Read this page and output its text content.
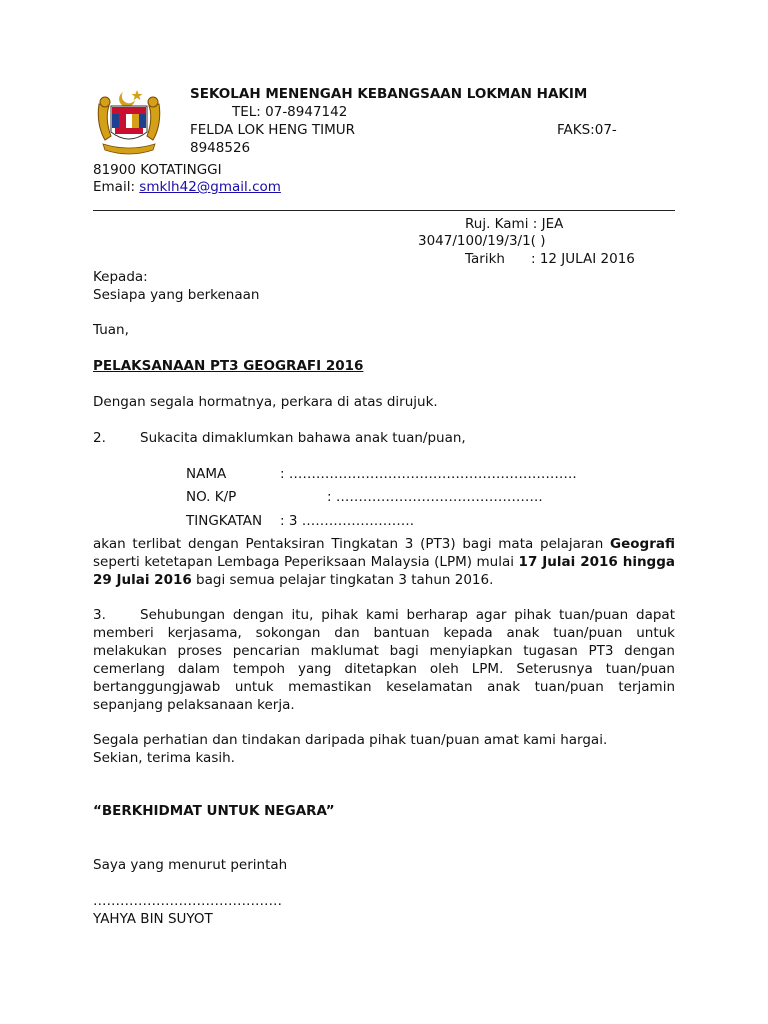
SEKOLAH MENENGAH KEBANGSAAN LOKMAN HAKIM
TEL: 07-8947142
FELDA LOK HENG TIMUR	FAKS:07-
8948526
81900 KOTATINGGI
Email: smklh42@gmail.com
Ruj. Kami : JEA
3047/100/19/3/1( )
Tarikh : 12 JULAI 2016
Kepada:
Sesiapa yang berkenaan
Tuan,
PELAKSANAAN PT3 GEOGRAFI 2016
Dengan segala hormatnya, perkara di atas dirujuk.
2.	Sukacita dimaklumkan bahawa anak tuan/puan,
NAMA	: ……………………………………………………….
NO. K/P	: ……………………………………….
TINGKATAN : 3 …………………….
akan terlibat dengan Pentaksiran Tingkatan 3 (PT3) bagi mata pelajaran Geografi seperti ketetapan Lembaga Peperiksaan Malaysia (LPM) mulai 17 Julai 2016 hingga 29 Julai 2016 bagi semua pelajar tingkatan 3 tahun 2016.
3.	Sehubungan dengan itu, pihak kami berharap agar pihak tuan/puan dapat memberi kerjasama, sokongan dan bantuan kepada anak tuan/puan untuk melakukan proses pencarian maklumat bagi menyiapkan tugasan PT3 dengan cemerlang dalam tempoh yang ditetapkan oleh LPM. Seterusnya tuan/puan bertanggungjawab untuk memastikan keselamatan anak tuan/puan terjamin sepanjang pelaksanaan kerja.
Segala perhatian dan tindakan daripada pihak tuan/puan amat kami hargai.
Sekian, terima kasih.
“BERKHIDMAT UNTUK NEGARA”
Saya yang menurut perintah
……………………………………
YAHYA BIN SUYOT
